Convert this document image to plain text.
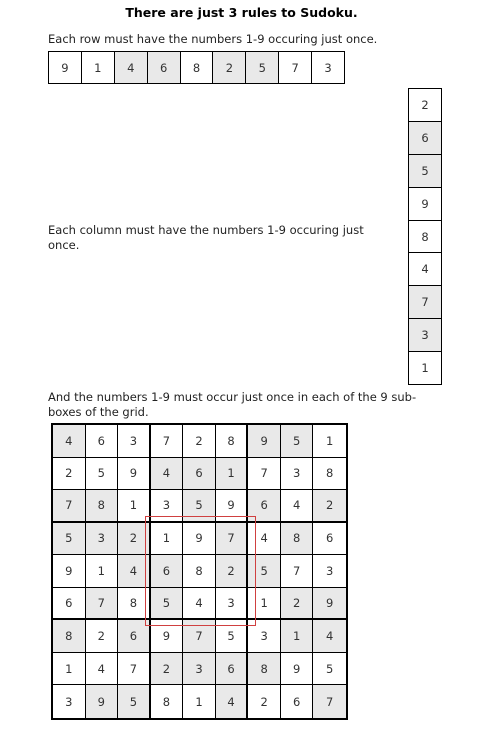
There are just 3 rules to Sudoku.
Each row must have the numbers 1-9 occuring just once.
9	1	4	6	8	2	5	7	3
Each column must have the numbers 1-9 occuring just once.
2
6
5
9
8
4
7
3
1
And the numbers 1-9 must occur just once in each of the 9 sub-boxes of the grid.
4	6	3	7	2	8	9	5	1
2	5	9	4	6	1	7	3	8
7	8	1	3	5	9	6	4	2
5	3	2	1	9	7	4	8	6
9	1	4	6	8	2	5	7	3
6	7	8	5	4	3	1	2	9
8	2	6	9	7	5	3	1	4
1	4	7	2	3	6	8	9	5
3	9	5	8	1	4	2	6	7
